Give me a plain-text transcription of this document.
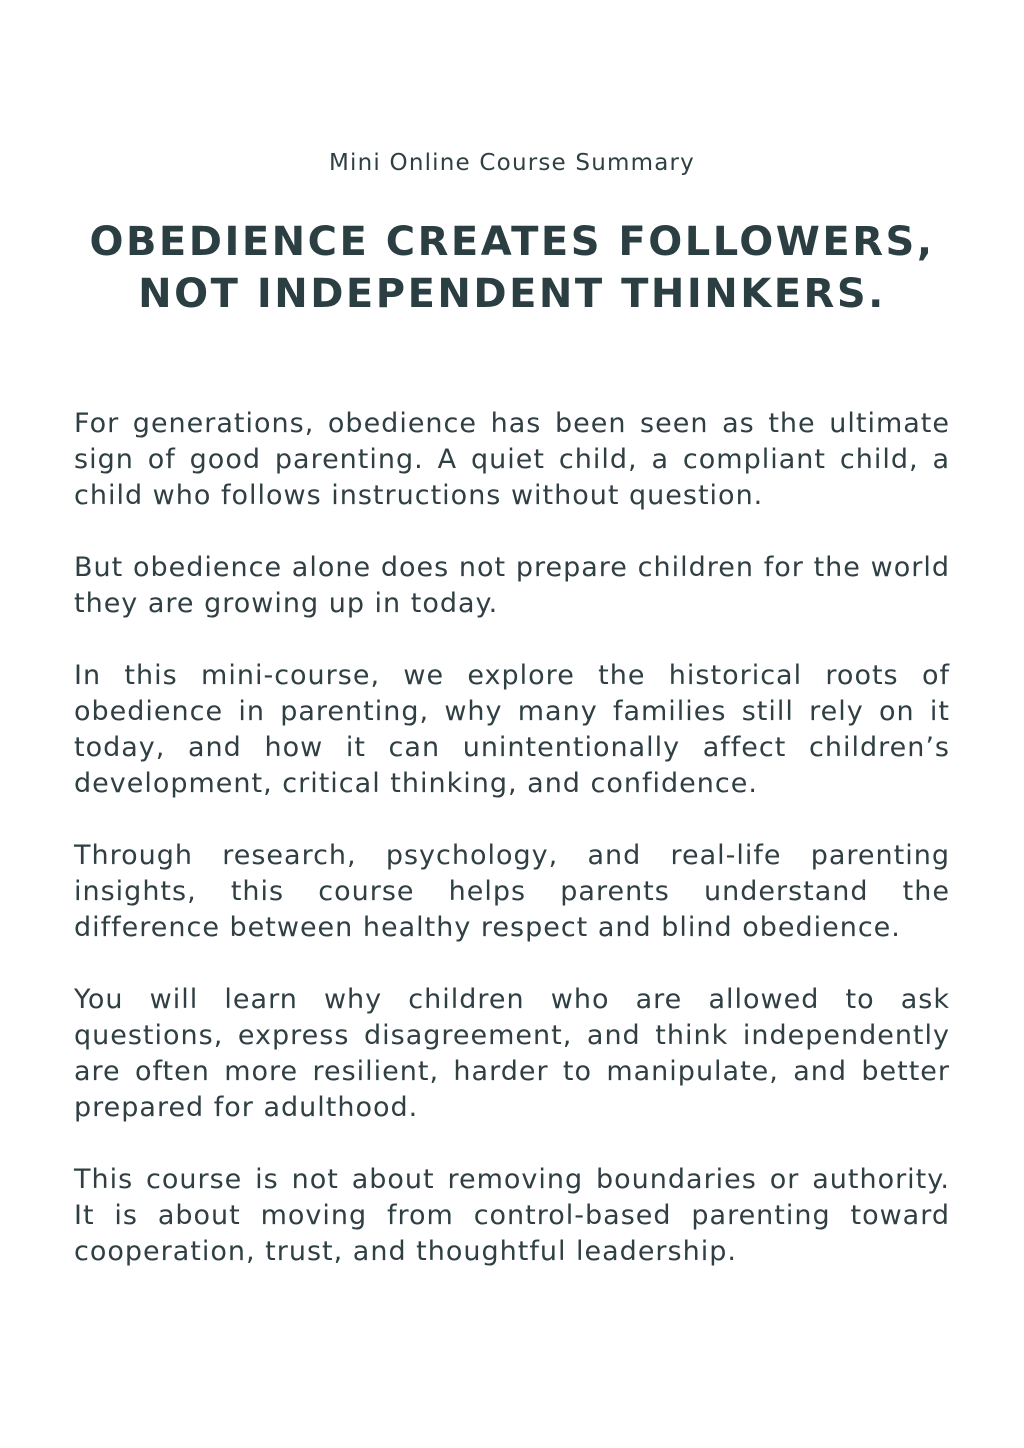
Mini Online Course Summary
OBEDIENCE CREATES FOLLOWERS,
NOT INDEPENDENT THINKERS.

For generations, obedience has been seen as the ultimate sign of good parenting. A quiet child, a compliant child, a child who follows instructions without question.

But obedience alone does not prepare children for the world they are growing up in today.

In this mini-course, we explore the historical roots of obedience in parenting, why many families still rely on it today, and how it can unintentionally affect children’s development, critical thinking, and confidence.

Through research, psychology, and real-life parenting insights, this course helps parents understand the difference between healthy respect and blind obedience.

You will learn why children who are allowed to ask questions, express disagreement, and think independently are often more resilient, harder to manipulate, and better prepared for adulthood.

This course is not about removing boundaries or authority. It is about moving from control-based parenting toward cooperation, trust, and thoughtful leadership.
